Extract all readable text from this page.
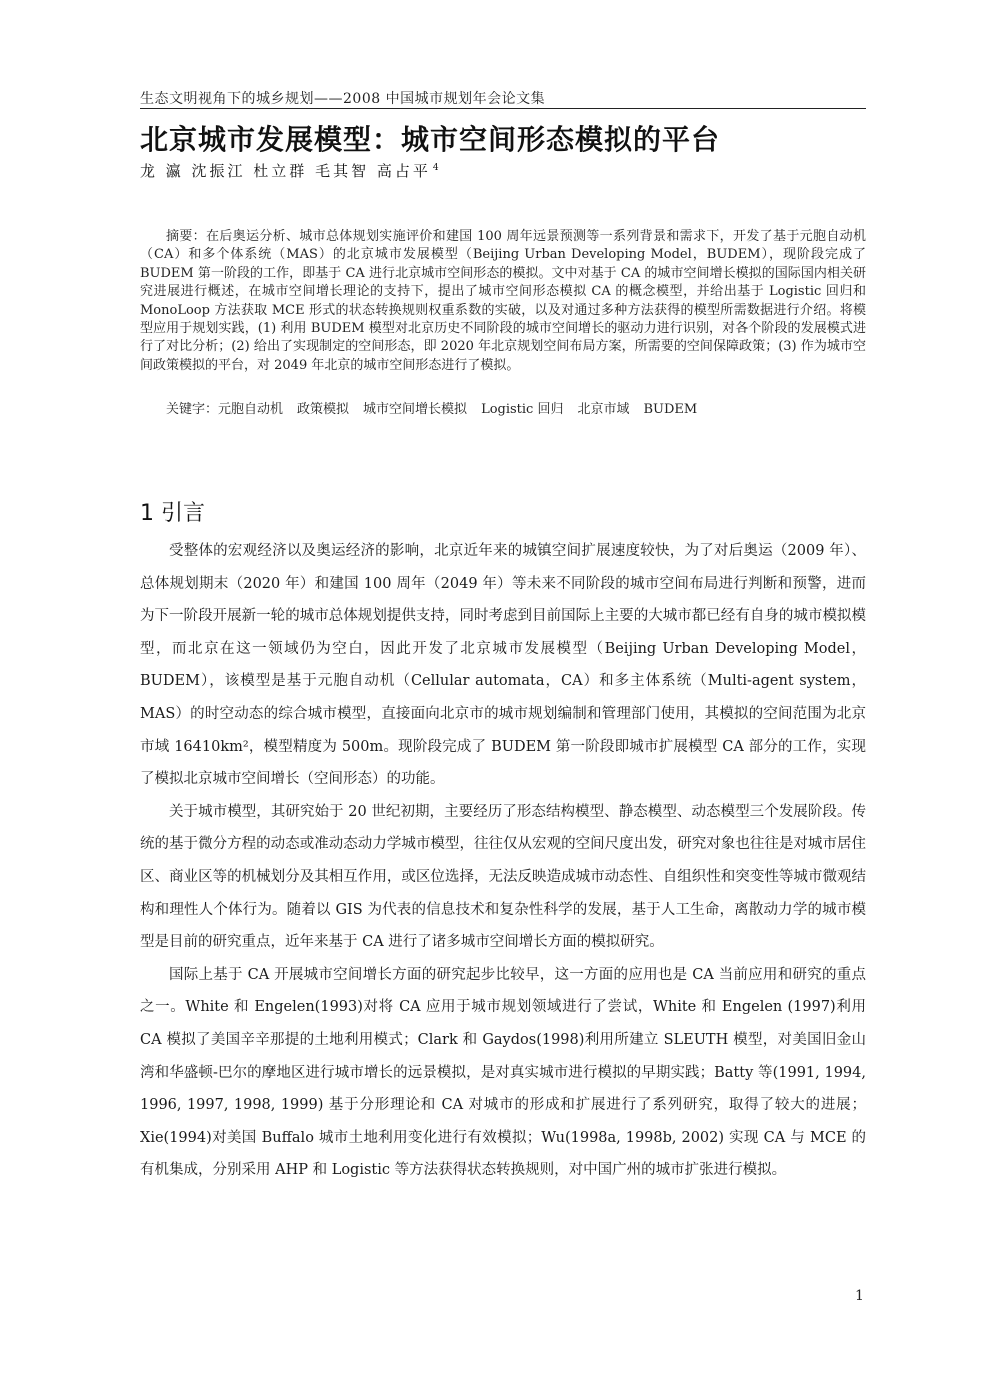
生态文明视角下的城乡规划——2008 中国城市规划年会论文集
北京城市发展模型：城市空间形态模拟的平台
龙 瀛 沈振江 杜立群 毛其智 高占平 $^4$

摘要：在后奥运分析、城市总体规划实施评价和建国 100 周年远景预测等一系列背景和需求下，开发了基于元胞自动机（CA）和多个体系统（MAS）的北京城市发展模型（Beijing Urban Developing Model，BUDEM），现阶段完成了 BUDEM 第一阶段的工作，即基于 CA 进行北京城市空间形态的模拟。文中对基于 CA 的城市空间增长模拟的国际国内相关研究进展进行概述，在城市空间增长理论的支持下，提出了城市空间形态模拟 CA 的概念模型，并给出基于 Logistic 回归和 MonoLoop 方法获取 MCE 形式的状态转换规则权重系数的实破，以及对通过多种方法获得的模型所需数据进行介绍。将模型应用于规划实践，(1) 利用 BUDEM 模型对北京历史不同阶段的城市空间增长的驱动力进行识别，对各个阶段的发展模式进行了对比分析；(2) 给出了实现制定的空间形态，即 2020 年北京规划空间布局方案，所需要的空间保障政策；(3) 作为城市空间政策模拟的平台，对 2049 年北京的城市空间形态进行了模拟。

关键字：元胞自动机 政策模拟 城市空间增长模拟 Logistic 回归 北京市域 BUDEM

1 引言

受整体的宏观经济以及奥运经济的影响，北京近年来的城镇空间扩展速度较快，为了对后奥运（2009 年）、总体规划期末（2020 年）和建国 100 周年（2049 年）等未来不同阶段的城市空间布局进行判断和预警，进而为下一阶段开展新一轮的城市总体规划提供支持，同时考虑到目前国际上主要的大城市都已经有自身的城市模拟模型，而北京在这一领域仍为空白，因此开发了北京城市发展模型（Beijing Urban Developing Model，BUDEM），该模型是基于元胞自动机（Cellular automata，CA）和多主体系统（Multi-agent system，MAS）的时空动态的综合城市模型，直接面向北京市的城市规划编制和管理部门使用，其模拟的空间范围为北京市域 16410km²，模型精度为 500m。现阶段完成了 BUDEM 第一阶段即城市扩展模型 CA 部分的工作，实现了模拟北京城市空间增长（空间形态）的功能。

关于城市模型，其研究始于 20 世纪初期，主要经历了形态结构模型、静态模型、动态模型三个发展阶段。传统的基于微分方程的动态或准动态动力学城市模型，往往仅从宏观的空间尺度出发，研究对象也往往是对城市居住区、商业区等的机械划分及其相互作用，或区位选择，无法反映造成城市动态性、自组织性和突变性等城市微观结构和理性人个体行为。随着以 GIS 为代表的信息技术和复杂性科学的发展，基于人工生命，离散动力学的城市模型是目前的研究重点，近年来基于 CA 进行了诸多城市空间增长方面的模拟研究。

国际上基于 CA 开展城市空间增长方面的研究起步比较早，这一方面的应用也是 CA 当前应用和研究的重点之一。White 和 Engelen(1993)对将 CA 应用于城市规划领域进行了尝试，White 和 Engelen (1997)利用 CA 模拟了美国辛辛那提的土地利用模式；Clark 和 Gaydos(1998)利用所建立 SLEUTH 模型，对美国旧金山湾和华盛顿-巴尔的摩地区进行城市增长的远景模拟，是对真实城市进行模拟的早期实践；Batty 等(1991, 1994, 1996, 1997, 1998, 1999) 基于分形理论和 CA 对城市的形成和扩展进行了系列研究，取得了较大的进展；Xie(1994)对美国 Buffalo 城市土地利用变化进行有效模拟；Wu(1998a, 1998b, 2002) 实现 CA 与 MCE 的有机集成，分别采用 AHP 和 Logistic 等方法获得状态转换规则，对中国广州的城市扩张进行模拟。

1
